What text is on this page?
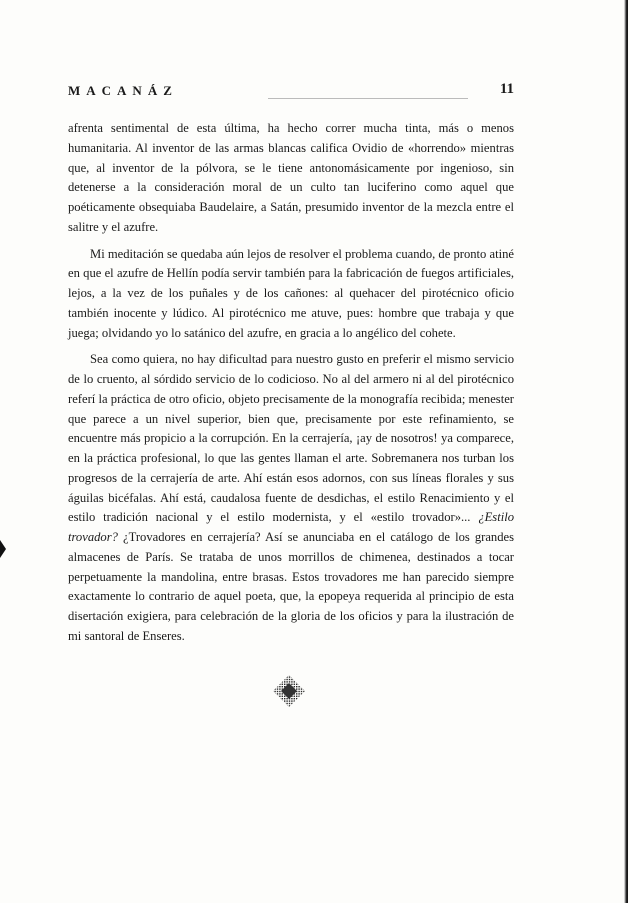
MACANÁZ	11

afrenta sentimental de esta última, ha hecho correr mucha tinta, más o menos humanitaria. Al inventor de las armas blancas califica Ovidio de «horrendo» mientras que, al inventor de la pólvora, se le tiene antonomásicamente por ingenioso, sin detenerse a la consideración moral de un culto tan luciferino como aquel que poéticamente obsequiaba Baudelaire, a Satán, presumido inventor de la mezcla entre el salitre y el azufre.

Mi meditación se quedaba aún lejos de resolver el problema cuando, de pronto atiné en que el azufre de Hellín podía servir también para la fabricación de fuegos artificiales, lejos, a la vez de los puñales y de los cañones: al quehacer del pirotécnico oficio también inocente y lúdico. Al pirotécnico me atuve, pues: hombre que trabaja y que juega; olvidando yo lo satánico del azufre, en gracia a lo angélico del cohete.

Sea como quiera, no hay dificultad para nuestro gusto en preferir el mismo servicio de lo cruento, al sórdido servicio de lo codicioso. No al del armero ni al del pirotécnico referí la práctica de otro oficio, objeto precisamente de la monografía recibida; menester que parece a un nivel superior, bien que, precisamente por este refinamiento, se encuentre más propicio a la corrupción. En la cerrajería, ¡ay de nosotros! ya comparece, en la práctica profesional, lo que las gentes llaman el arte. Sobremanera nos turban los progresos de la cerrajería de arte. Ahí están esos adornos, con sus líneas florales y sus águilas bicéfalas. Ahí está, caudalosa fuente de desdichas, el estilo Renacimiento y el estilo tradición nacional y el estilo modernista, y el «estilo trovador»... ¿Estilo trovador? ¿Trovadores en cerrajería? Así se anunciaba en el catálogo de los grandes almacenes de París. Se trataba de unos morrillos de chimenea, destinados a tocar perpetuamente la mandolina, entre brasas. Estos trovadores me han parecido siempre exactamente lo contrario de aquel poeta, que, la epopeya requerida al principio de esta disertación exigiera, para celebración de la gloria de los oficios y para la ilustración de mi santoral de Enseres.
